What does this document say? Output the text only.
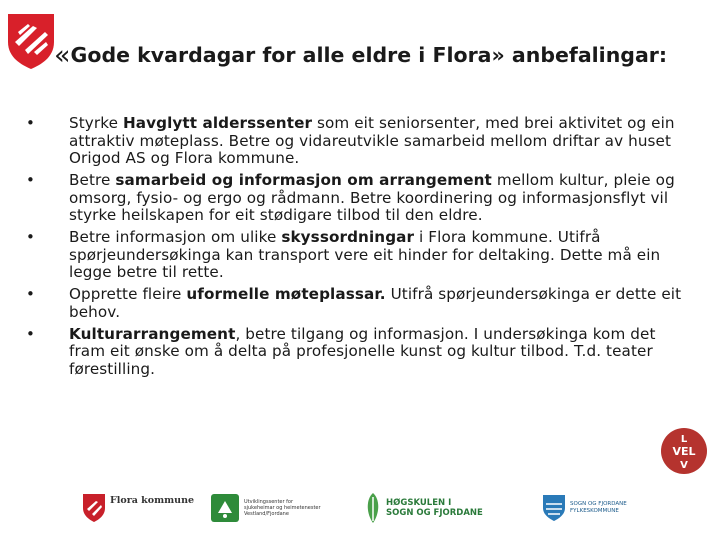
«Gode kvardagar for alle eldre i Flora» anbefalingar:
• Styrke Havglytt alderssenter som eit seniorsenter, med brei aktivitet og ein attraktiv møteplass. Betre og vidareutvikle samarbeid mellom driftar av huset Origod AS og Flora kommune.
• Betre samarbeid og informasjon om arrangement mellom kultur, pleie og omsorg, fysio- og ergo og rådmann. Betre koordinering og informasjonsflyt vil styrke heilskapen for eit stødigare tilbod til den eldre.
• Betre informasjon om ulike skyssordningar i Flora kommune. Utifrå spørjeundersøkinga kan transport vere eit hinder for deltaking. Dette må ein legge betre til rette.
• Opprette fleire uformelle møteplassar. Utifrå spørjeundersøkinga er dette eit behov.
• Kulturarrangement, betre tilgang og informasjon. I undersøkinga kom det fram eit ønske om å delta på profesjonelle kunst og kultur tilbod. T.d. teater førestilling.
L
VEL
V
Flora kommune	Utviklingssenter for
sjukeheimar og heimetenester
Vestland/Fjordane
HØGSKULEN I
SOGN OG FJORDANE
SOGN OG FJORDANE
FYLKESKOMMUNE
